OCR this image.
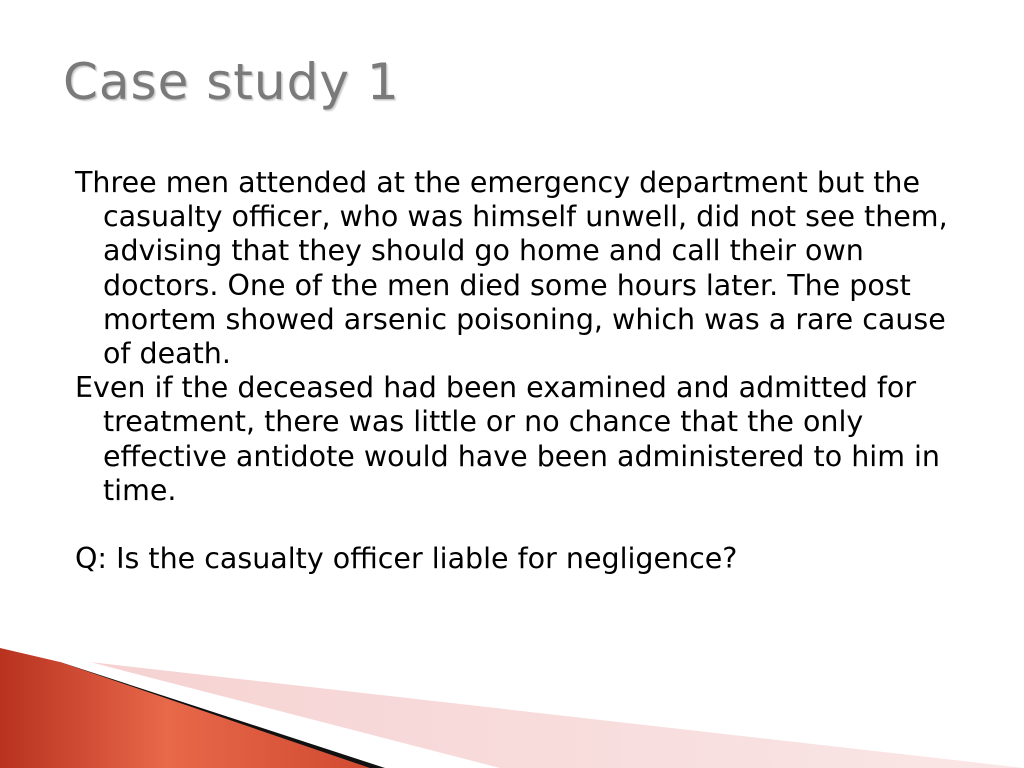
Case study 1

Three men attended at the emergency department but the casualty officer, who was himself unwell, did not see them, advising that they should go home and call their own doctors. One of the men died some hours later. The post mortem showed arsenic poisoning, which was a rare cause of death.

Even if the deceased had been examined and admitted for treatment, there was little or no chance that the only effective antidote would have been administered to him in time.

Q: Is the casualty officer liable for negligence?
